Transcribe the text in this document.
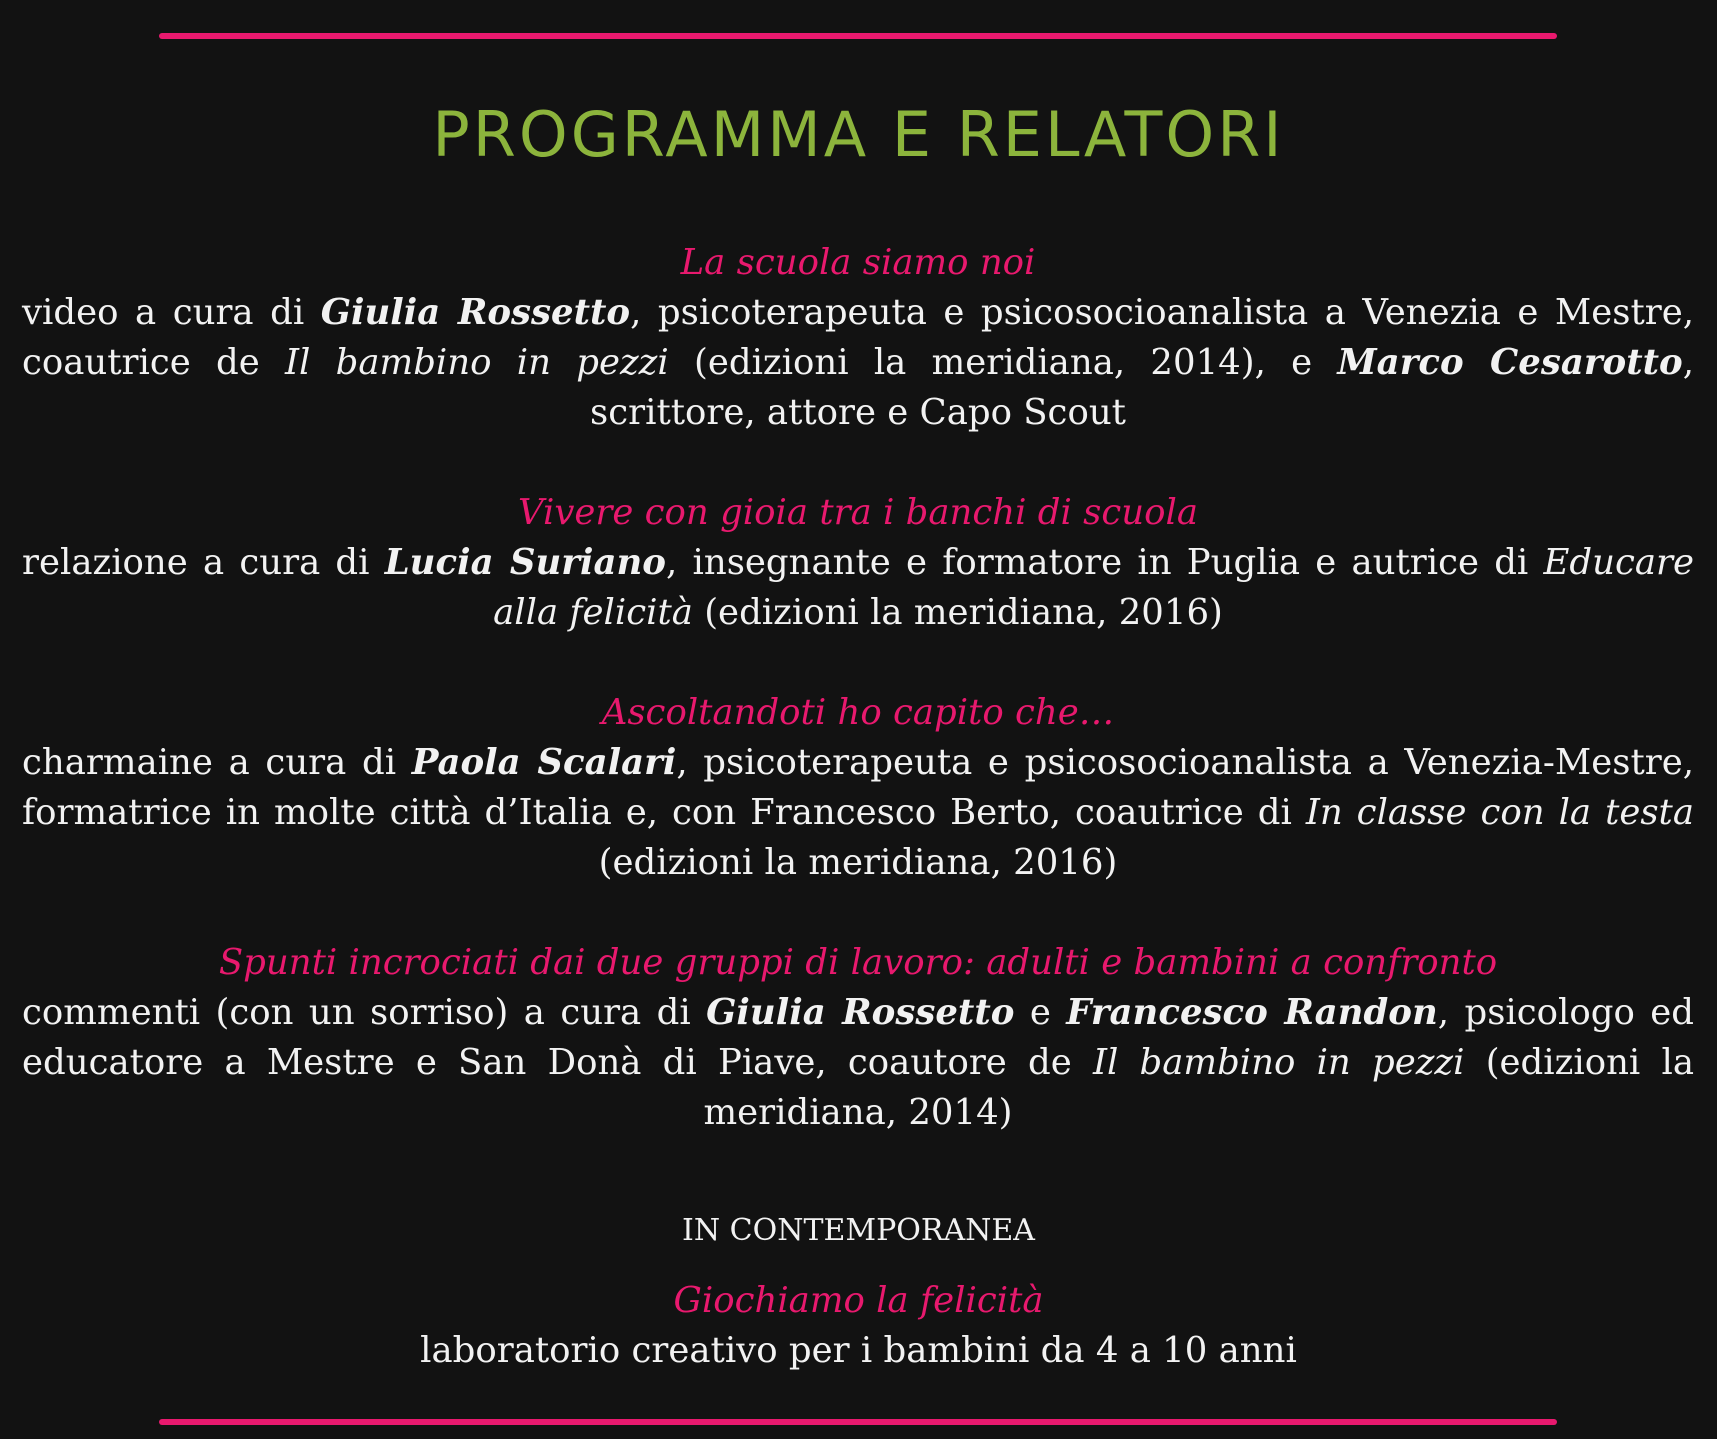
PROGRAMMA E RELATORI
La scuola siamo noi
video a cura di Giulia Rossetto, psicoterapeuta e psicosocioanalista a Venezia e Mestre, coautrice de Il bambino in pezzi (edizioni la meridiana, 2014), e Marco Cesarotto, scrittore, attore e Capo Scout
Vivere con gioia tra i banchi di scuola
relazione a cura di Lucia Suriano, insegnante e formatore in Puglia e autrice di Educare alla felicità (edizioni la meridiana, 2016)
Ascoltandoti ho capito che…
charmaine a cura di Paola Scalari, psicoterapeuta e psicosocioanalista a Venezia-Mestre, formatrice in molte città d’Italia e, con Francesco Berto, coautrice di In classe con la testa (edizioni la meridiana, 2016)
Spunti incrociati dai due gruppi di lavoro: adulti e bambini a confronto
commenti (con un sorriso) a cura di Giulia Rossetto e Francesco Randon, psicologo ed educatore a Mestre e San Donà di Piave, coautore de Il bambino in pezzi (edizioni la meridiana, 2014)
IN CONTEMPORANEA
Giochiamo la felicità
laboratorio creativo per i bambini da 4 a 10 anni
